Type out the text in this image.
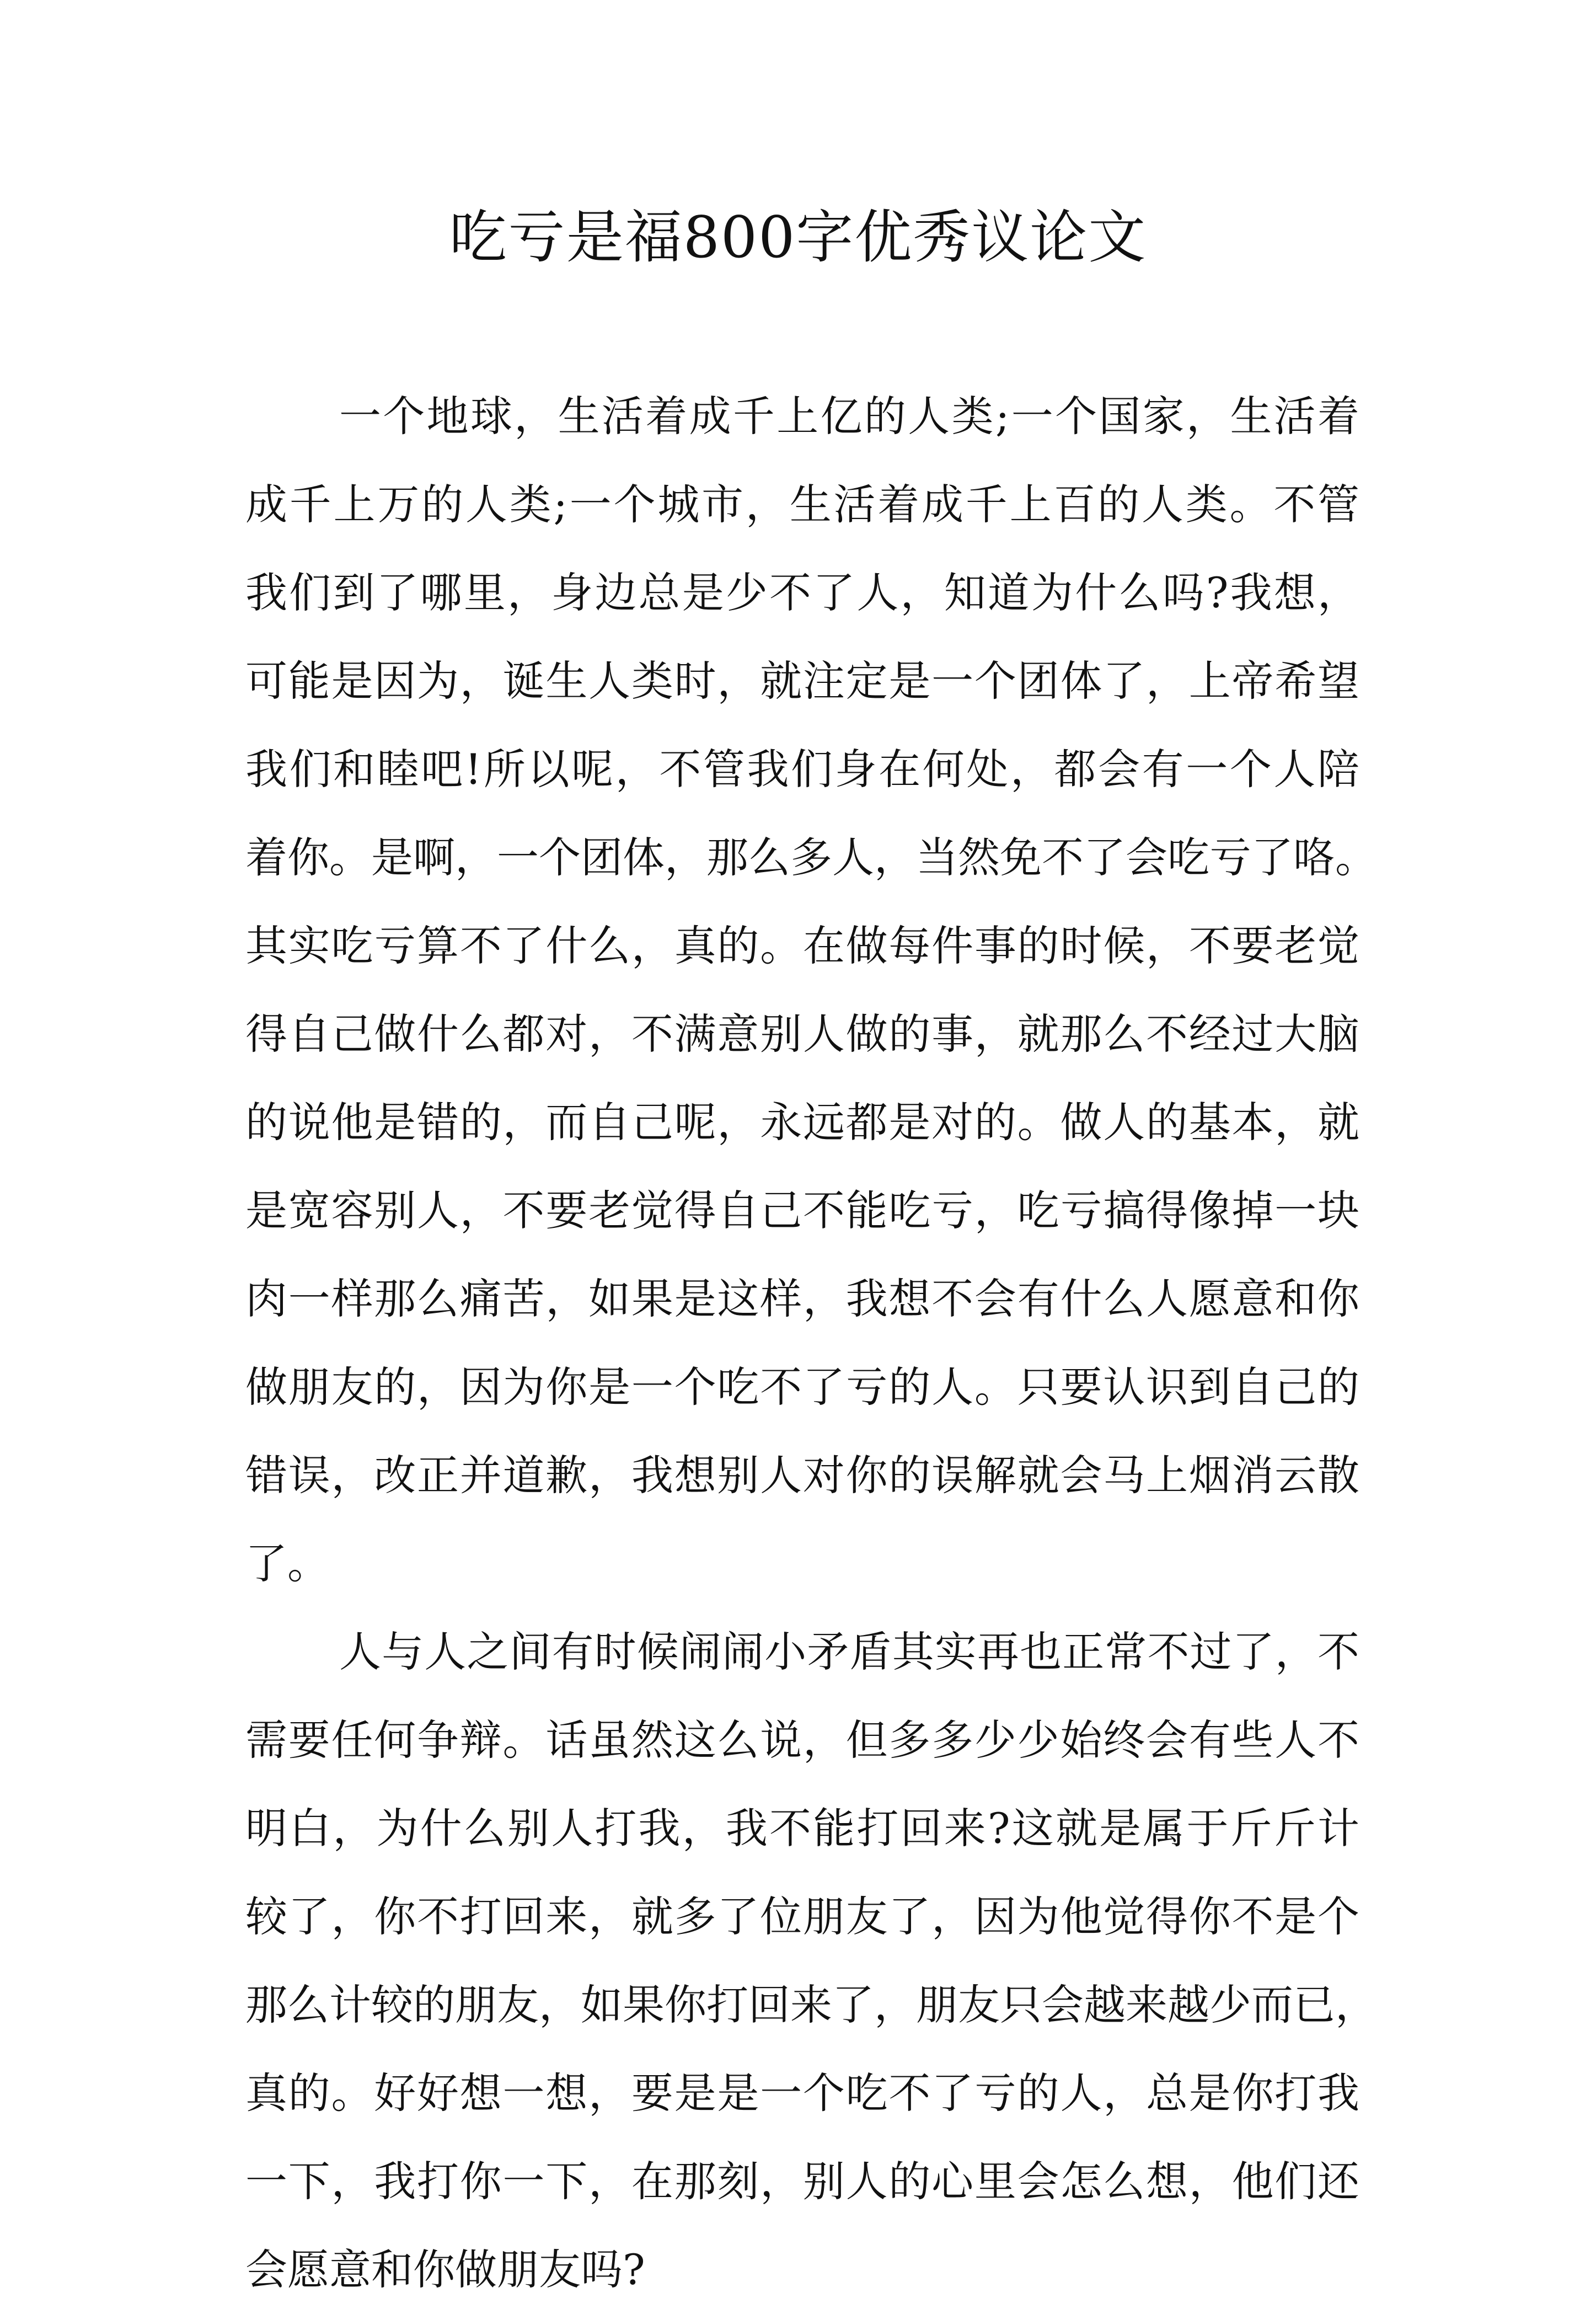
吃亏是福800字优秀议论文
一个地球，生活着成千上亿的人类;一个国家，生活着
成千上万的人类;一个城市，生活着成千上百的人类。不管
我们到了哪里，身边总是少不了人，知道为什么吗?我想，
可能是因为，诞生人类时，就注定是一个团体了，上帝希望
我们和睦吧!所以呢，不管我们身在何处，都会有一个人陪
着你。是啊，一个团体，那么多人，当然免不了会吃亏了咯。
其实吃亏算不了什么，真的。在做每件事的时候，不要老觉
得自己做什么都对，不满意别人做的事，就那么不经过大脑
的说他是错的，而自己呢，永远都是对的。做人的基本，就
是宽容别人，不要老觉得自己不能吃亏，吃亏搞得像掉一块
肉一样那么痛苦，如果是这样，我想不会有什么人愿意和你
做朋友的，因为你是一个吃不了亏的人。只要认识到自己的
错误，改正并道歉，我想别人对你的误解就会马上烟消云散
了。
人与人之间有时候闹闹小矛盾其实再也正常不过了，不
需要任何争辩。话虽然这么说，但多多少少始终会有些人不
明白，为什么别人打我，我不能打回来?这就是属于斤斤计
较了，你不打回来，就多了位朋友了，因为他觉得你不是个
那么计较的朋友，如果你打回来了，朋友只会越来越少而已，
真的。好好想一想，要是是一个吃不了亏的人，总是你打我
一下，我打你一下，在那刻，别人的心里会怎么想，他们还
会愿意和你做朋友吗?
